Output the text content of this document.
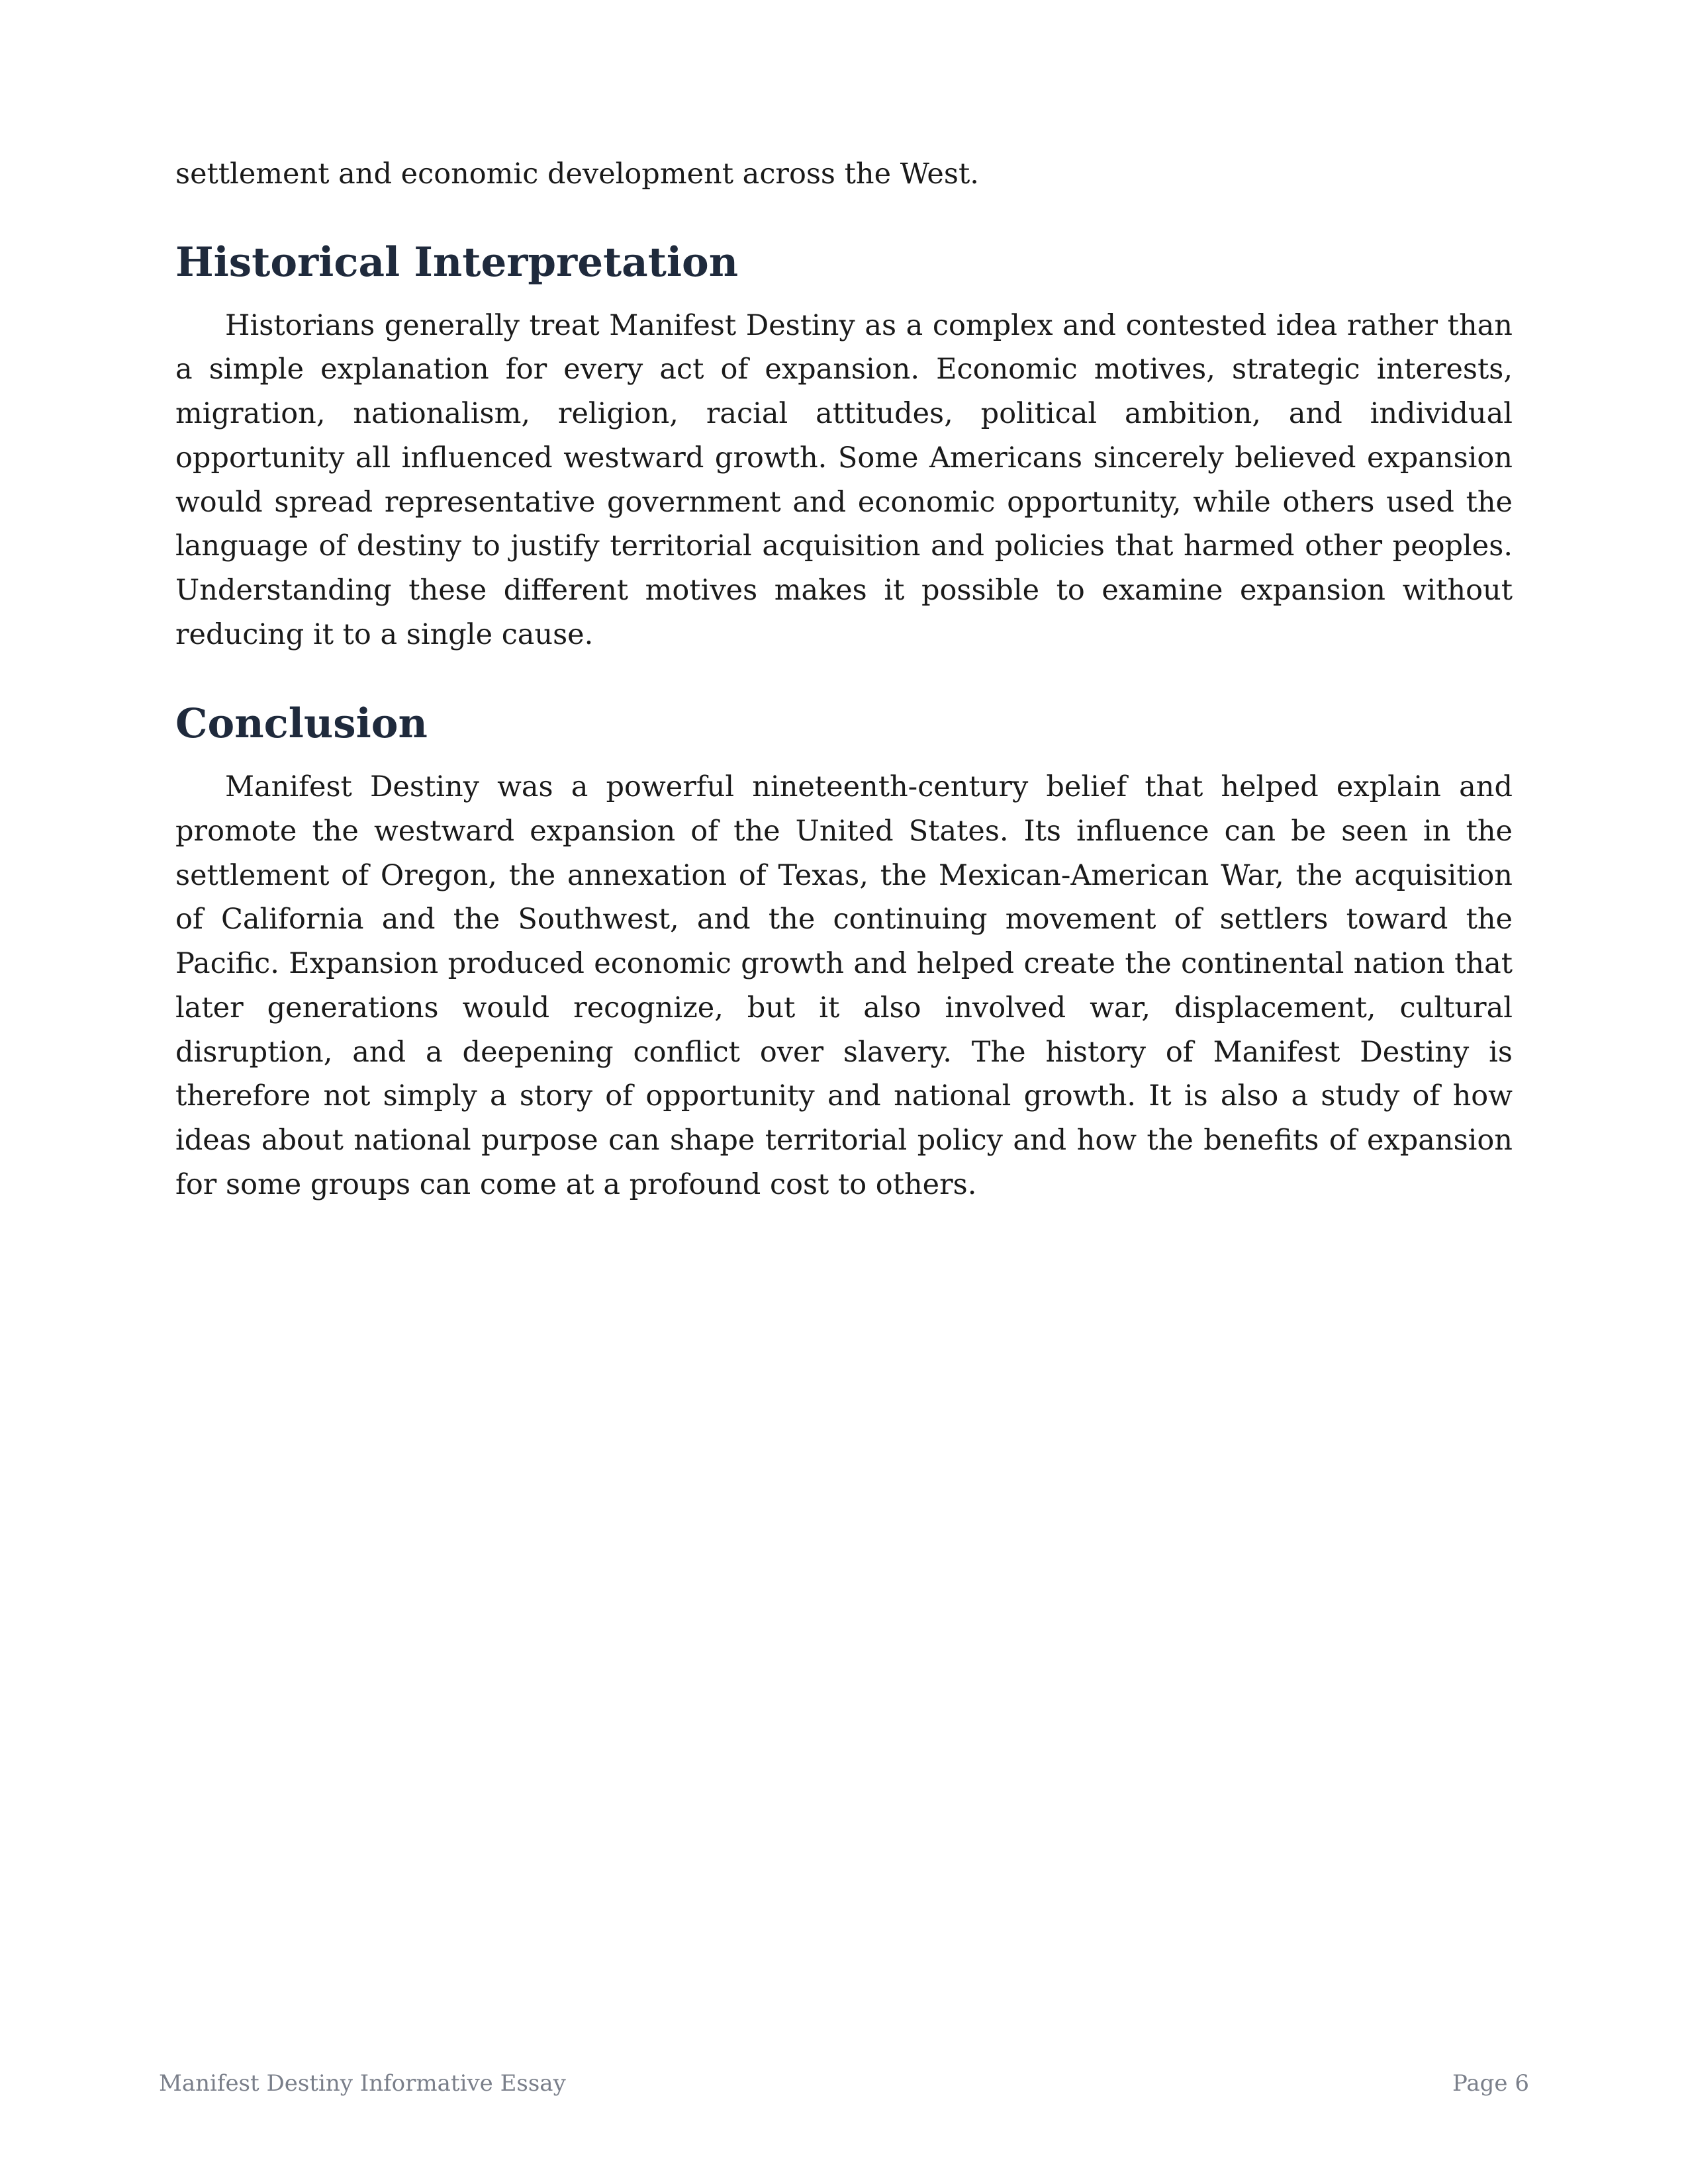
settlement and economic development across the West.

Historical Interpretation

Historians generally treat Manifest Destiny as a complex and contested idea rather than a simple explanation for every act of expansion. Economic motives, strategic interests, migration, nationalism, religion, racial attitudes, political ambition, and individual opportunity all influenced westward growth. Some Americans sincerely believed expansion would spread representative government and economic opportunity, while others used the language of destiny to justify territorial acquisition and policies that harmed other peoples. Understanding these different motives makes it possible to examine expansion without reducing it to a single cause.

Conclusion

Manifest Destiny was a powerful nineteenth-century belief that helped explain and promote the westward expansion of the United States. Its influence can be seen in the settlement of Oregon, the annexation of Texas, the Mexican-American War, the acquisition of California and the Southwest, and the continuing movement of settlers toward the Pacific. Expansion produced economic growth and helped create the continental nation that later generations would recognize, but it also involved war, displacement, cultural disruption, and a deepening conflict over slavery. The history of Manifest Destiny is therefore not simply a story of opportunity and national growth. It is also a study of how ideas about national purpose can shape territorial policy and how the benefits of expansion for some groups can come at a profound cost to others.

Manifest Destiny Informative Essay	Page 6
